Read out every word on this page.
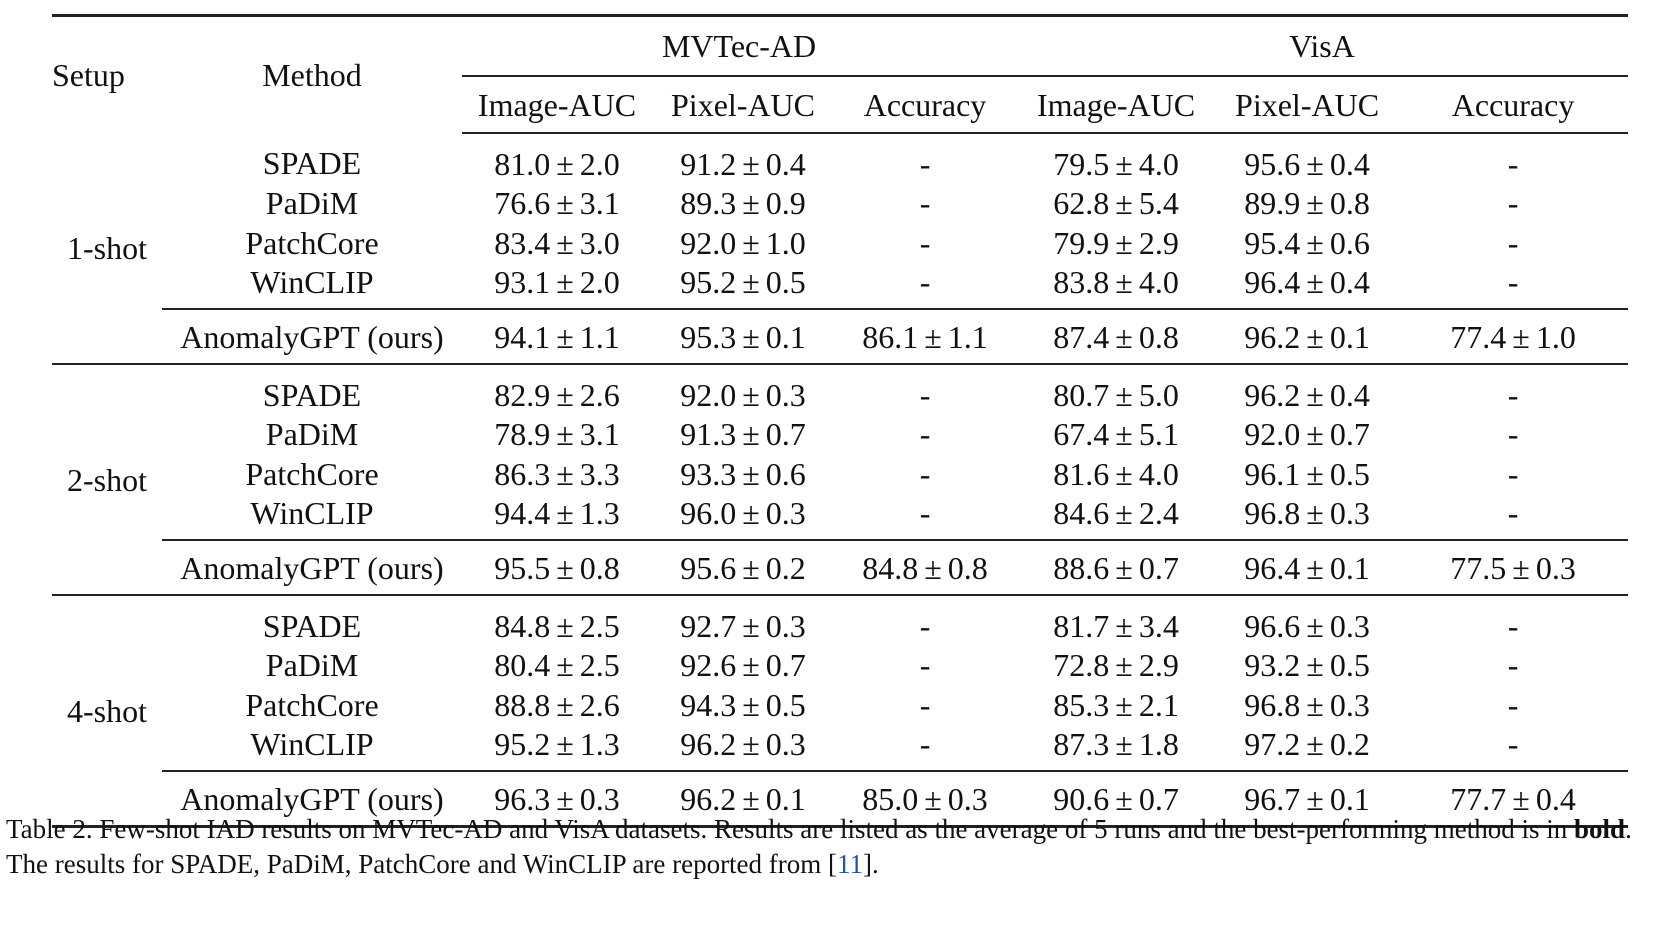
Setup	Method	MVTec-AD			VisA		
		Image-AUC	Pixel-AUC	Accuracy	Image-AUC	Pixel-AUC	Accuracy
1-shot	SPADE	81.0 ± 2.0	91.2 ± 0.4	-	79.5 ± 4.0	95.6 ± 0.4	-
	PaDiM	76.6 ± 3.1	89.3 ± 0.9	-	62.8 ± 5.4	89.9 ± 0.8	-
	PatchCore	83.4 ± 3.0	92.0 ± 1.0	-	79.9 ± 2.9	95.4 ± 0.6	-
	WinCLIP	93.1 ± 2.0	95.2 ± 0.5	-	83.8 ± 4.0	96.4 ± 0.4	-
	AnomalyGPT (ours)	94.1 ± 1.1	95.3 ± 0.1	86.1 ± 1.1	87.4 ± 0.8	96.2 ± 0.1	77.4 ± 1.0
2-shot	SPADE	82.9 ± 2.6	92.0 ± 0.3	-	80.7 ± 5.0	96.2 ± 0.4	-
	PaDiM	78.9 ± 3.1	91.3 ± 0.7	-	67.4 ± 5.1	92.0 ± 0.7	-
	PatchCore	86.3 ± 3.3	93.3 ± 0.6	-	81.6 ± 4.0	96.1 ± 0.5	-
	WinCLIP	94.4 ± 1.3	96.0 ± 0.3	-	84.6 ± 2.4	96.8 ± 0.3	-
	AnomalyGPT (ours)	95.5 ± 0.8	95.6 ± 0.2	84.8 ± 0.8	88.6 ± 0.7	96.4 ± 0.1	77.5 ± 0.3
4-shot	SPADE	84.8 ± 2.5	92.7 ± 0.3	-	81.7 ± 3.4	96.6 ± 0.3	-
	PaDiM	80.4 ± 2.5	92.6 ± 0.7	-	72.8 ± 2.9	93.2 ± 0.5	-
	PatchCore	88.8 ± 2.6	94.3 ± 0.5	-	85.3 ± 2.1	96.8 ± 0.3	-
	WinCLIP	95.2 ± 1.3	96.2 ± 0.3	-	87.3 ± 1.8	97.2 ± 0.2	-
	AnomalyGPT (ours)	96.3 ± 0.3	96.2 ± 0.1	85.0 ± 0.3	90.6 ± 0.7	96.7 ± 0.1	77.7 ± 0.4
Table 2. Few-shot IAD results on MVTec-AD and VisA datasets. Results are listed as the average of 5 runs and the best-performing method is in bold. The results for SPADE, PaDiM, PatchCore and WinCLIP are reported from [11].
